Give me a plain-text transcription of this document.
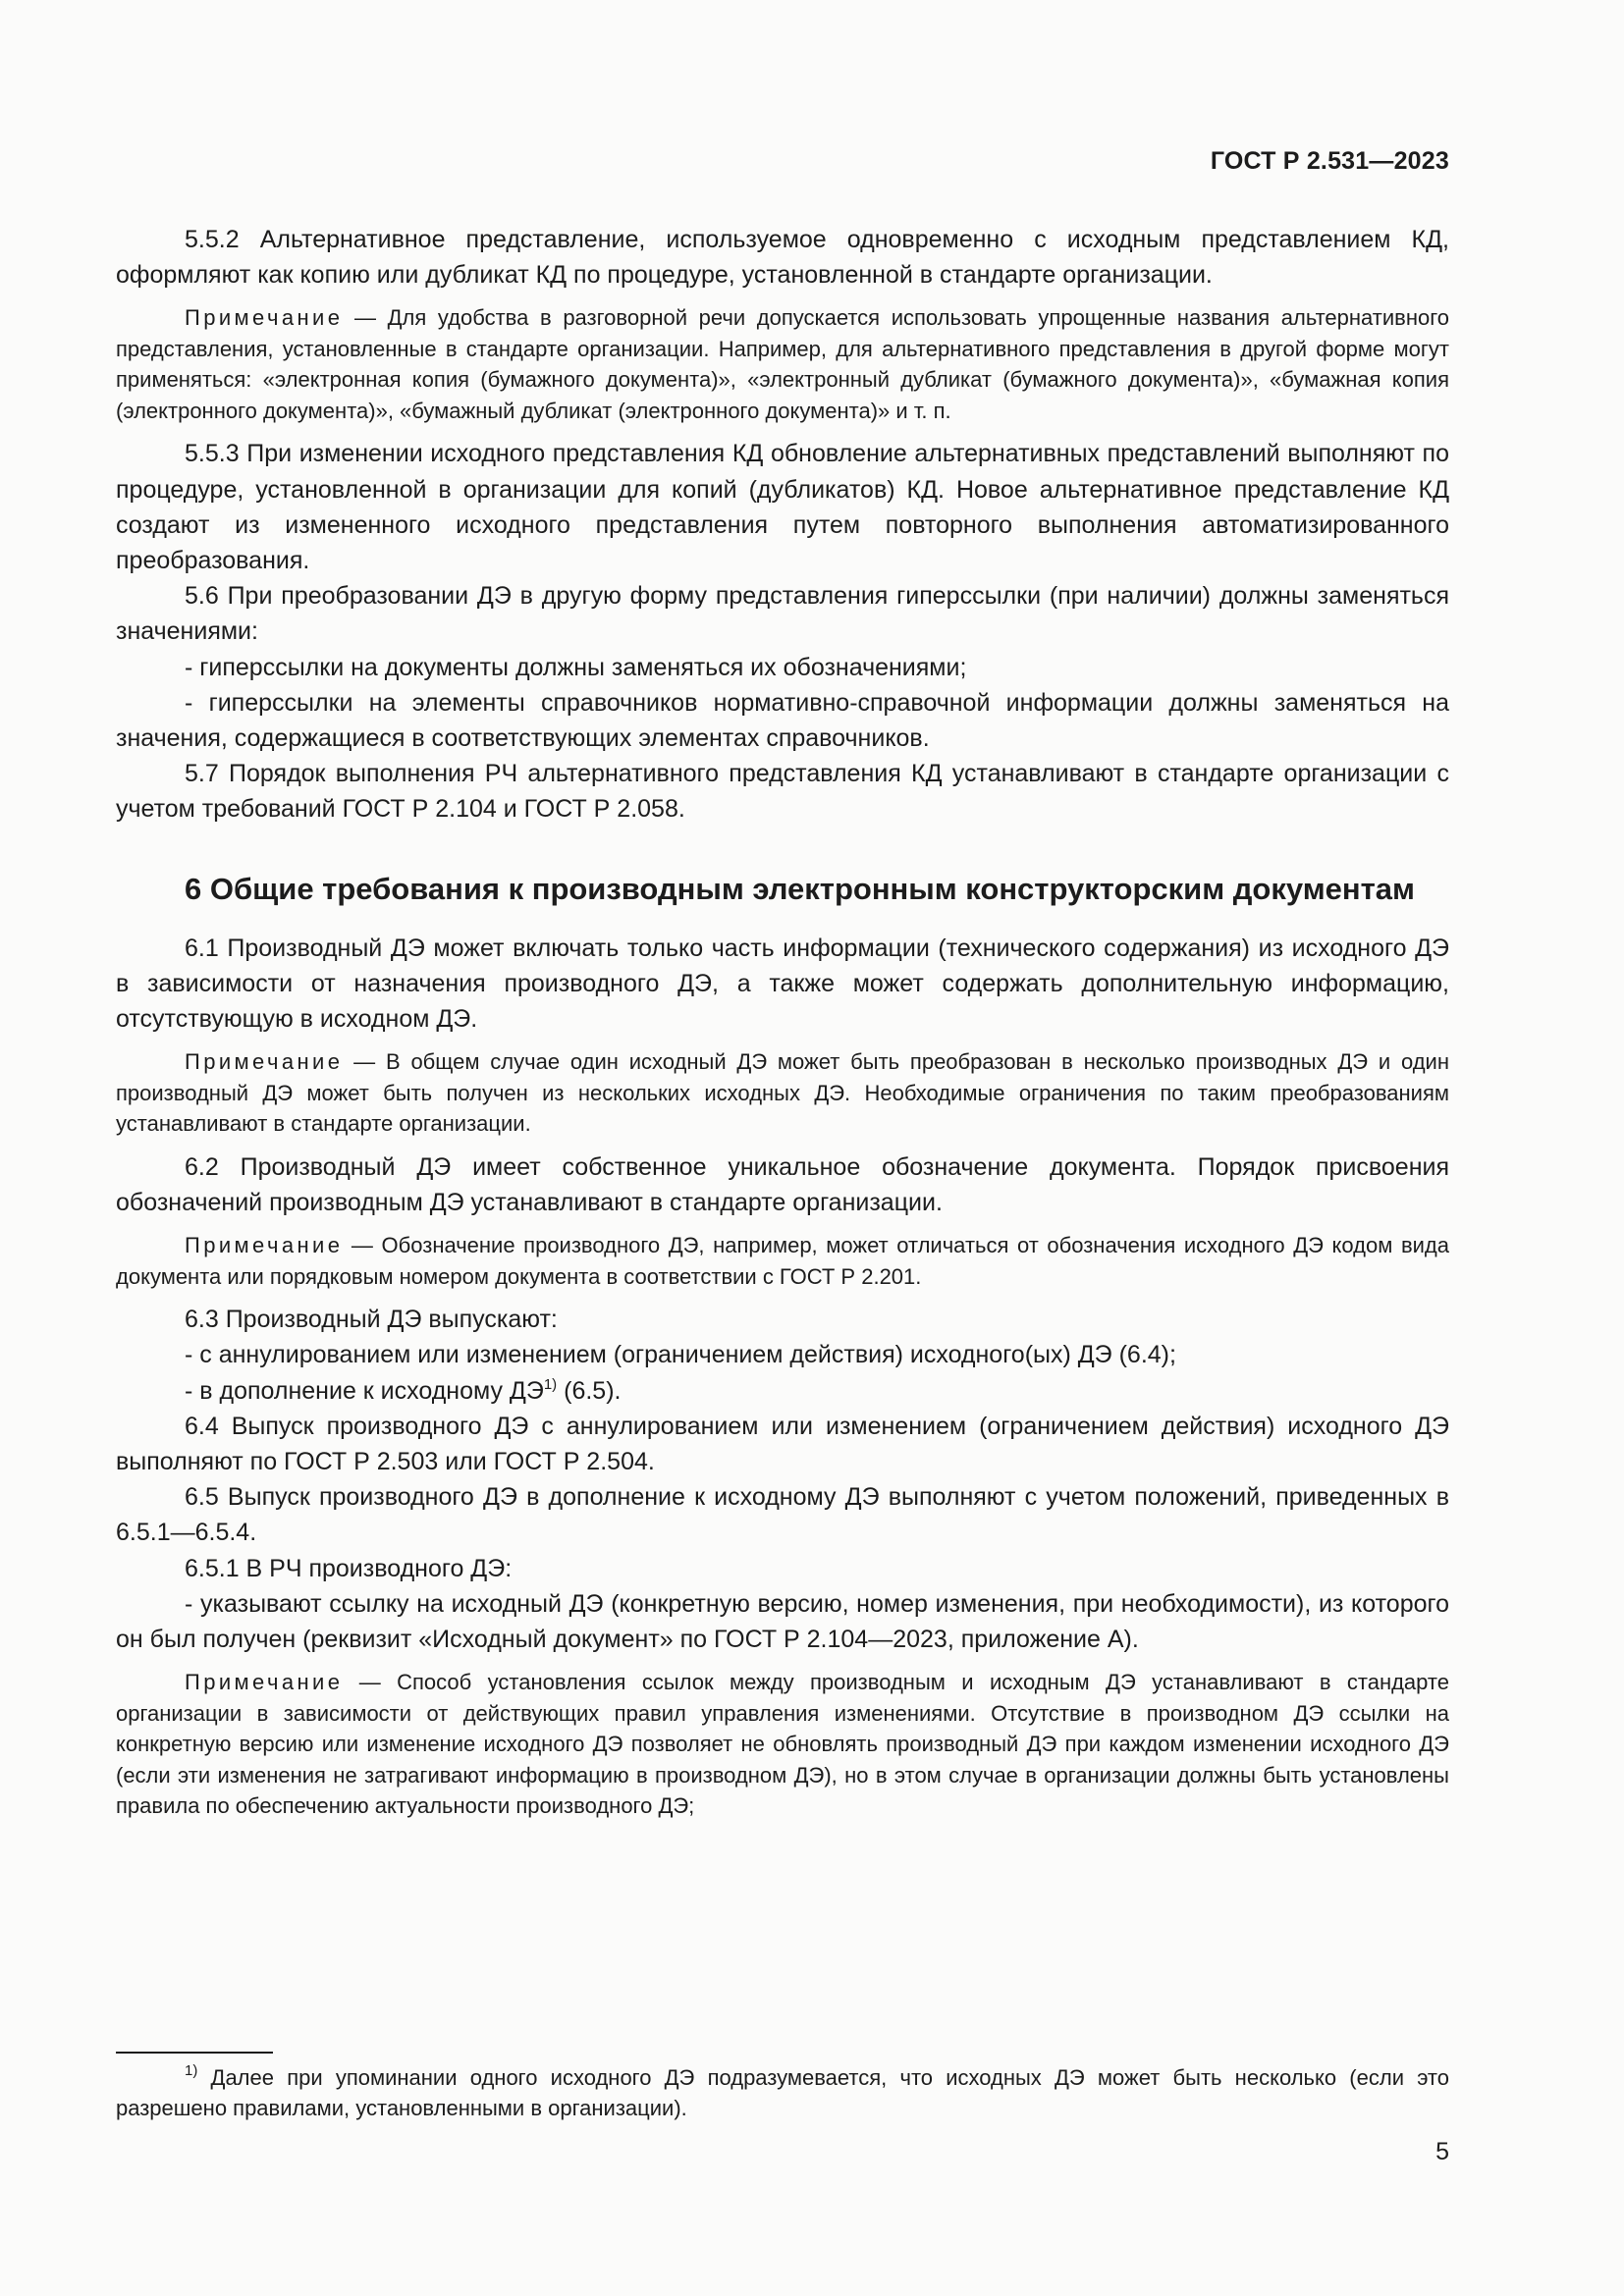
ГОСТ Р 2.531—2023

5.5.2 Альтернативное представление, используемое одновременно с исходным представлением КД, оформляют как копию или дубликат КД по процедуре, установленной в стандарте организации.

Примечание — Для удобства в разговорной речи допускается использовать упрощенные названия альтернативного представления, установленные в стандарте организации. Например, для альтернативного представления в другой форме могут применяться: «электронная копия (бумажного документа)», «электронный дубликат (бумажного документа)», «бумажная копия (электронного документа)», «бумажный дубликат (электронного документа)» и т. п.

5.5.3 При изменении исходного представления КД обновление альтернативных представлений выполняют по процедуре, установленной в организации для копий (дубликатов) КД. Новое альтернативное представление КД создают из измененного исходного представления путем повторного выполнения автоматизированного преобразования.

5.6 При преобразовании ДЭ в другую форму представления гиперссылки (при наличии) должны заменяться значениями:

- гиперссылки на документы должны заменяться их обозначениями;

- гиперссылки на элементы справочников нормативно-справочной информации должны заменяться на значения, содержащиеся в соответствующих элементах справочников.

5.7 Порядок выполнения РЧ альтернативного представления КД устанавливают в стандарте организации с учетом требований ГОСТ Р 2.104 и ГОСТ Р 2.058.

6 Общие требования к производным электронным конструкторским документам

6.1 Производный ДЭ может включать только часть информации (технического содержания) из исходного ДЭ в зависимости от назначения производного ДЭ, а также может содержать дополнительную информацию, отсутствующую в исходном ДЭ.

Примечание — В общем случае один исходный ДЭ может быть преобразован в несколько производных ДЭ и один производный ДЭ может быть получен из нескольких исходных ДЭ. Необходимые ограничения по таким преобразованиям устанавливают в стандарте организации.

6.2 Производный ДЭ имеет собственное уникальное обозначение документа. Порядок присвоения обозначений производным ДЭ устанавливают в стандарте организации.

Примечание — Обозначение производного ДЭ, например, может отличаться от обозначения исходного ДЭ кодом вида документа или порядковым номером документа в соответствии с ГОСТ Р 2.201.

6.3 Производный ДЭ выпускают:

- с аннулированием или изменением (ограничением действия) исходного(ых) ДЭ (6.4);

- в дополнение к исходному ДЭ$^{1)}$ (6.5).

6.4 Выпуск производного ДЭ с аннулированием или изменением (ограничением действия) исходного ДЭ выполняют по ГОСТ Р 2.503 или ГОСТ Р 2.504.

6.5 Выпуск производного ДЭ в дополнение к исходному ДЭ выполняют с учетом положений, приведенных в 6.5.1—6.5.4.

6.5.1 В РЧ производного ДЭ:

- указывают ссылку на исходный ДЭ (конкретную версию, номер изменения, при необходимости), из которого он был получен (реквизит «Исходный документ» по ГОСТ Р 2.104—2023, приложение А).

Примечание — Способ установления ссылок между производным и исходным ДЭ устанавливают в стандарте организации в зависимости от действующих правил управления изменениями. Отсутствие в производном ДЭ ссылки на конкретную версию или изменение исходного ДЭ позволяет не обновлять производный ДЭ при каждом изменении исходного ДЭ (если эти изменения не затрагивают информацию в производном ДЭ), но в этом случае в организации должны быть установлены правила по обеспечению актуальности производного ДЭ;

$^{1)}$ Далее при упоминании одного исходного ДЭ подразумевается, что исходных ДЭ может быть несколько (если это разрешено правилами, установленными в организации).

5
